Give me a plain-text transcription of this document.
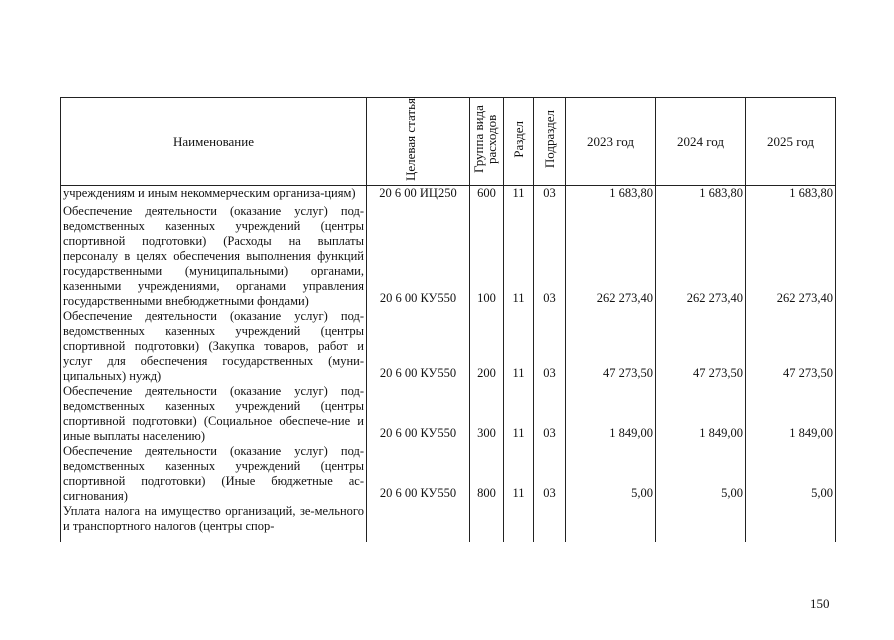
Наименование	Целевая статья	Группа вида расходов	Раздел	Подраздел	2023 год	2024 год	2025 год
учреждениям и иным некоммерческим организа-циям)	20 6 00 ИЦ250	600	11	03	1 683,80	1 683,80	1 683,80
Обеспечение деятельности (оказание услуг) под-ведомственных казенных учреждений (центры спортивной подготовки) (Расходы на выплаты персоналу в целях обеспечения выполнения функций государственными (муниципальными) органами, казенными учреждениями, органами управления государственными внебюджетными фондами)	20 6 00 КУ550	100	11	03	262 273,40	262 273,40	262 273,40
Обеспечение деятельности (оказание услуг) под-ведомственных казенных учреждений (центры спортивной подготовки) (Закупка товаров, работ и услуг для обеспечения государственных (муни-ципальных) нужд)	20 6 00 КУ550	200	11	03	47 273,50	47 273,50	47 273,50
Обеспечение деятельности (оказание услуг) под-ведомственных казенных учреждений (центры спортивной подготовки) (Социальное обеспече-ние и иные выплаты населению)	20 6 00 КУ550	300	11	03	1 849,00	1 849,00	1 849,00
Обеспечение деятельности (оказание услуг) под-ведомственных казенных учреждений (центры спортивной подготовки) (Иные бюджетные ас-сигнования)	20 6 00 КУ550	800	11	03	5,00	5,00	5,00
Уплата налога на имущество организаций, зе-мельного и транспортного налогов (центры спор-							
150
